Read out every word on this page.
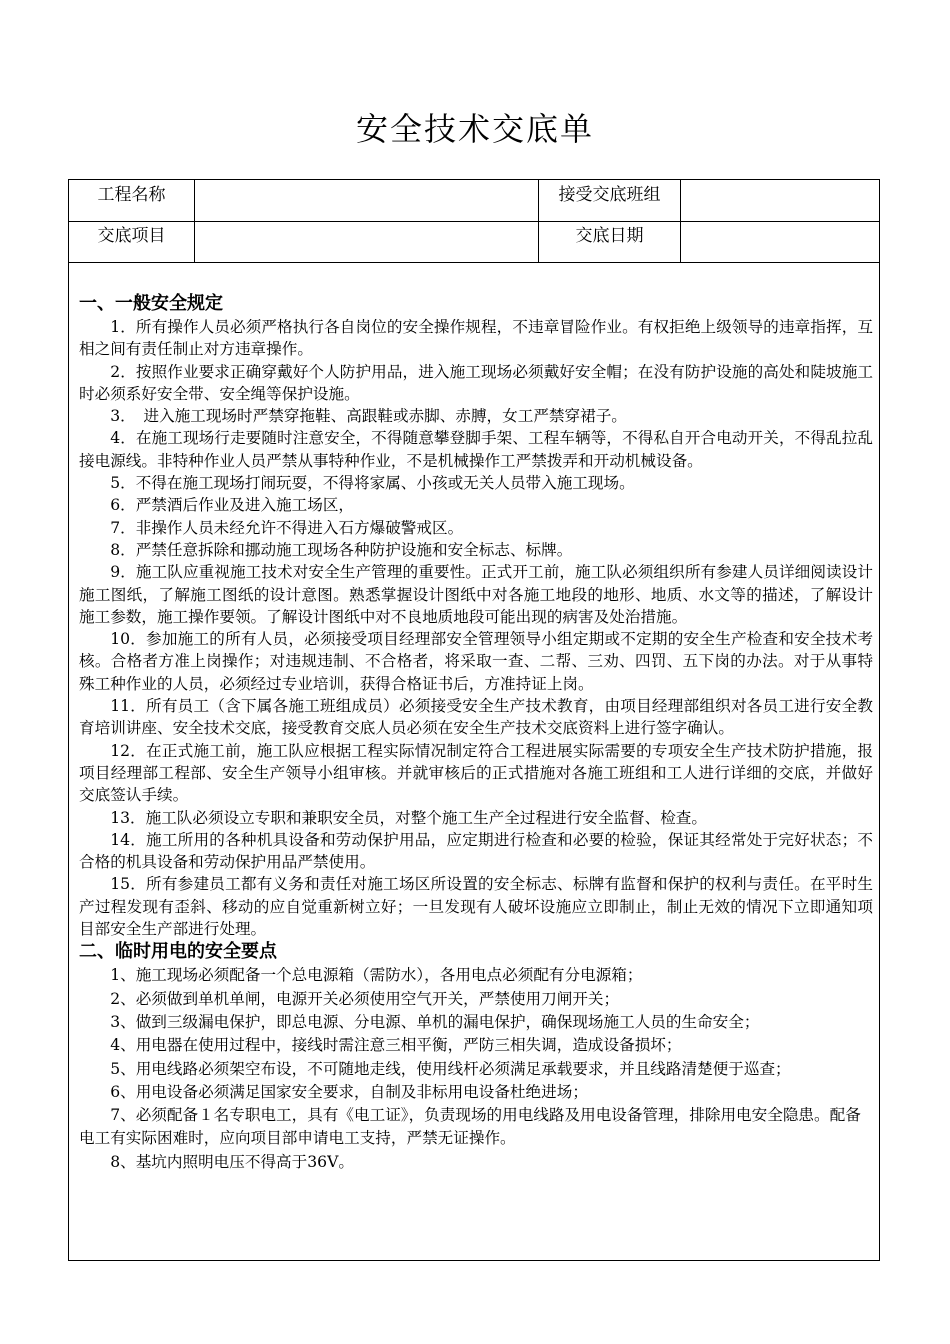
安全技术交底单
工程名称	接受交底班组
交底项目	交底日期
一、一般安全规定

1．所有操作人员必须严格执行各自岗位的安全操作规程，不违章冒险作业。有权拒绝上级领导的违章指挥，互相之间有责任制止对方违章操作。

2．按照作业要求正确穿戴好个人防护用品，进入施工现场必须戴好安全帽；在没有防护设施的高处和陡坡施工时必须系好安全带、安全绳等保护设施。

3．　进入施工现场时严禁穿拖鞋、高跟鞋或赤脚、赤膊，女工严禁穿裙子。

4．在施工现场行走要随时注意安全，不得随意攀登脚手架、工程车辆等，不得私自开合电动开关，不得乱拉乱接电源线。非特种作业人员严禁从事特种作业，不是机械操作工严禁拨弄和开动机械设备。

5．不得在施工现场打闹玩耍，不得将家属、小孩或无关人员带入施工现场。

6．严禁酒后作业及进入施工场区，

7．非操作人员未经允许不得进入石方爆破警戒区。

8．严禁任意拆除和挪动施工现场各种防护设施和安全标志、标牌。

9．施工队应重视施工技术对安全生产管理的重要性。正式开工前，施工队必须组织所有参建人员详细阅读设计施工图纸，了解施工图纸的设计意图。熟悉掌握设计图纸中对各施工地段的地形、地质、水文等的描述，了解设计施工参数，施工操作要领。了解设计图纸中对不良地质地段可能出现的病害及处治措施。

10．参加施工的所有人员，必须接受项目经理部安全管理领导小组定期或不定期的安全生产检查和安全技术考核。合格者方准上岗操作；对违规违制、不合格者，将采取一查、二帮、三劝、四罚、五下岗的办法。对于从事特殊工种作业的人员，必须经过专业培训，获得合格证书后，方准持证上岗。

11．所有员工（含下属各施工班组成员）必须接受安全生产技术教育，由项目经理部组织对各员工进行安全教育培训讲座、安全技术交底，接受教育交底人员必须在安全生产技术交底资料上进行签字确认。

12．在正式施工前，施工队应根据工程实际情况制定符合工程进展实际需要的专项安全生产技术防护措施，报项目经理部工程部、安全生产领导小组审核。并就审核后的正式措施对各施工班组和工人进行详细的交底，并做好交底签认手续。

13．施工队必须设立专职和兼职安全员，对整个施工生产全过程进行安全监督、检查。

14．施工所用的各种机具设备和劳动保护用品，应定期进行检查和必要的检验，保证其经常处于完好状态；不合格的机具设备和劳动保护用品严禁使用。

15．所有参建员工都有义务和责任对施工场区所设置的安全标志、标牌有监督和保护的权利与责任。在平时生产过程发现有歪斜、移动的应自觉重新树立好；一旦发现有人破坏设施应立即制止，制止无效的情况下立即通知项目部安全生产部进行处理。

二、临时用电的安全要点

1、施工现场必须配备一个总电源箱（需防水），各用电点必须配有分电源箱；

2、必须做到单机单闸，电源开关必须使用空气开关，严禁使用刀闸开关；

3、做到三级漏电保护，即总电源、分电源、单机的漏电保护，确保现场施工人员的生命安全；

4、用电器在使用过程中，接线时需注意三相平衡，严防三相失调，造成设备损坏；

5、用电线路必须架空布设，不可随地走线，使用线杆必须满足承载要求，并且线路清楚便于巡查；

6、用电设备必须满足国家安全要求，自制及非标用电设备杜绝进场；

7、必须配备１名专职电工，具有《电工证》，负责现场的用电线路及用电设备管理，排除用电安全隐患。配备电工有实际困难时，应向项目部申请电工支持，严禁无证操作。

8、基坑内照明电压不得高于36V。
